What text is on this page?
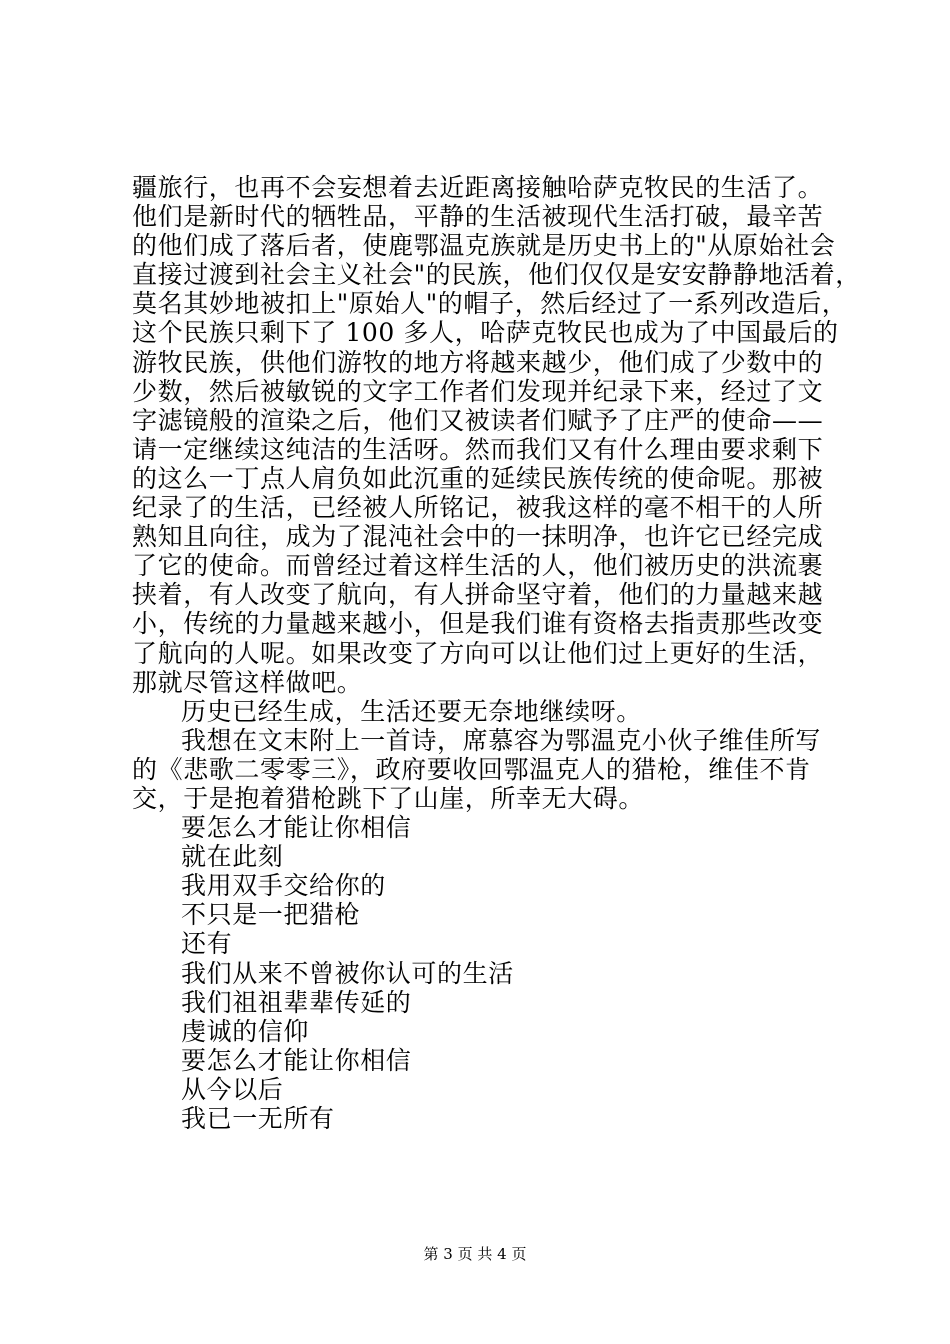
疆旅行，也再不会妄想着去近距离接触哈萨克牧民的生活了。
他们是新时代的牺牲品，平静的生活被现代生活打破，最辛苦
的他们成了落后者，使鹿鄂温克族就是历史书上的"从原始社会
直接过渡到社会主义社会"的民族，他们仅仅是安安静静地活着，
莫名其妙地被扣上"原始人"的帽子，然后经过了一系列改造后，
这个民族只剩下了 100 多人，哈萨克牧民也成为了中国最后的
游牧民族，供他们游牧的地方将越来越少，他们成了少数中的
少数，然后被敏锐的文字工作者们发现并纪录下来，经过了文
字滤镜般的渲染之后，他们又被读者们赋予了庄严的使命——
请一定继续这纯洁的生活呀。然而我们又有什么理由要求剩下
的这么一丁点人肩负如此沉重的延续民族传统的使命呢。那被
纪录了的生活，已经被人所铭记，被我这样的毫不相干的人所
熟知且向往，成为了混沌社会中的一抹明净，也许它已经完成
了它的使命。而曾经过着这样生活的人，他们被历史的洪流裹
挟着，有人改变了航向，有人拼命坚守着，他们的力量越来越
小，传统的力量越来越小，但是我们谁有资格去指责那些改变
了航向的人呢。如果改变了方向可以让他们过上更好的生活，
那就尽管这样做吧。
历史已经生成，生活还要无奈地继续呀。
我想在文末附上一首诗，席慕容为鄂温克小伙子维佳所写
的《悲歌二零零三》，政府要收回鄂温克人的猎枪，维佳不肯
交，于是抱着猎枪跳下了山崖，所幸无大碍。
要怎么才能让你相信
就在此刻
我用双手交给你的
不只是一把猎枪
还有
我们从来不曾被你认可的生活
我们祖祖辈辈传延的
虔诚的信仰
要怎么才能让你相信
从今以后
我已一无所有
第 3 页 共 4 页
